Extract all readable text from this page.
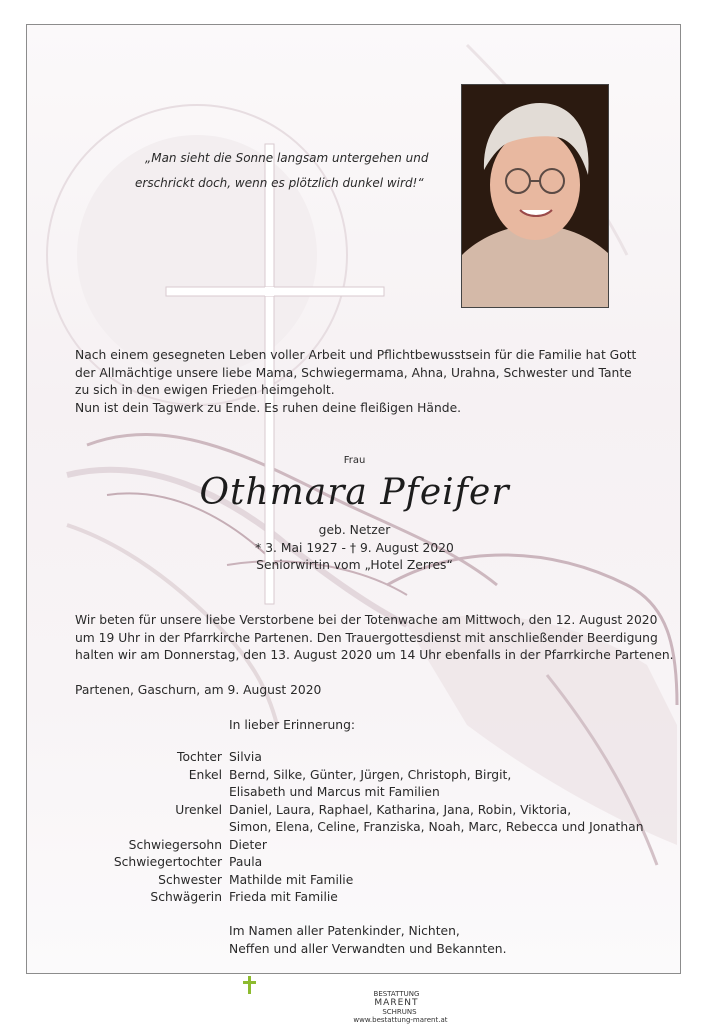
„Man sieht die Sonne langsam untergehen und
erschrickt doch, wenn es plötzlich dunkel wird!“
Nach einem gesegneten Leben voller Arbeit und Pflichtbewusstsein für die Familie hat Gott
der Allmächtige unsere liebe Mama, Schwiegermama, Ahna, Urahna, Schwester und Tante
zu sich in den ewigen Frieden heimgeholt.
Nun ist dein Tagwerk zu Ende. Es ruhen deine fleißigen Hände.
Frau
Othmara Pfeifer
geb. Netzer
* 3. Mai 1927 - † 9. August 2020
Seniorwirtin vom „Hotel Zerres“
Wir beten für unsere liebe Verstorbene bei der Totenwache am Mittwoch, den 12. August 2020
um 19 Uhr in der Pfarrkirche Partenen. Den Trauergottesdienst mit anschließender Beerdigung
halten wir am Donnerstag, den 13. August 2020 um 14 Uhr ebenfalls in der Pfarrkirche Partenen.
Partenen, Gaschurn, am 9. August 2020
In lieber Erinnerung:
Tochter Silvia
Enkel Bernd, Silke, Günter, Jürgen, Christoph, Birgit,
Elisabeth und Marcus mit Familien
Urenkel Daniel, Laura, Raphael, Katharina, Jana, Robin, Viktoria,
Simon, Elena, Celine, Franziska, Noah, Marc, Rebecca und Jonathan
Schwiegersohn Dieter
Schwiegertochter Paula
Schwester Mathilde mit Familie
Schwägerin Frieda mit Familie
Im Namen aller Patenkinder, Nichten,
Neffen und aller Verwandten und Bekannten.

BESTATTUNG
MARENT
SCHRUNS
www.bestattung-marent.at
